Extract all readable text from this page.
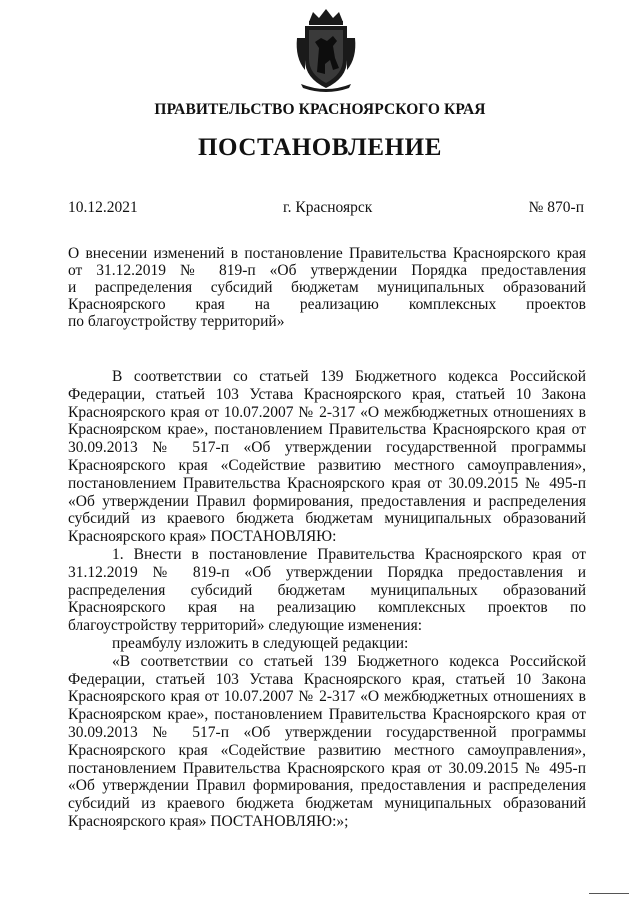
ПРАВИТЕЛЬСТВО КРАСНОЯРСКОГО КРАЯ
ПОСТАНОВЛЕНИЕ
10.12.2021	г. Красноярск	№ 870-п
О внесении изменений в постановление Правительства Красноярского края
от 31.12.2019 № 819-п «Об утверждении Порядка предоставления
и распределения субсидий бюджетам муниципальных образований
Красноярского края на реализацию комплексных проектов
по благоустройству территорий»

В соответствии со статьей 139 Бюджетного кодекса Российской Федерации, статьей 103 Устава Красноярского края, статьей 10 Закона Красноярского края от 10.07.2007 № 2-317 «О межбюджетных отношениях в Красноярском крае», постановлением Правительства Красноярского края от 30.09.2013 № 517-п «Об утверждении государственной программы Красноярского края «Содействие развитию местного самоуправления», постановлением Правительства Красноярского края от 30.09.2015 № 495-п «Об утверждении Правил формирования, предоставления и распределения субсидий из краевого бюджета бюджетам муниципальных образований Красноярского края» ПОСТАНОВЛЯЮ:

1. Внести в постановление Правительства Красноярского края от 31.12.2019 № 819-п «Об утверждении Порядка предоставления и распределения субсидий бюджетам муниципальных образований Красноярского края на реализацию комплексных проектов по благоустройству территорий» следующие изменения:

преамбулу изложить в следующей редакции:

«В соответствии со статьей 139 Бюджетного кодекса Российской Федерации, статьей 103 Устава Красноярского края, статьей 10 Закона Красноярского края от 10.07.2007 № 2-317 «О межбюджетных отношениях в Красноярском крае», постановлением Правительства Красноярского края от 30.09.2013 № 517-п «Об утверждении государственной программы Красноярского края «Содействие развитию местного самоуправления», постановлением Правительства Красноярского края от 30.09.2015 № 495-п «Об утверждении Правил формирования, предоставления и распределения субсидий из краевого бюджета бюджетам муниципальных образований Красноярского края» ПОСТАНОВЛЯЮ:»;
